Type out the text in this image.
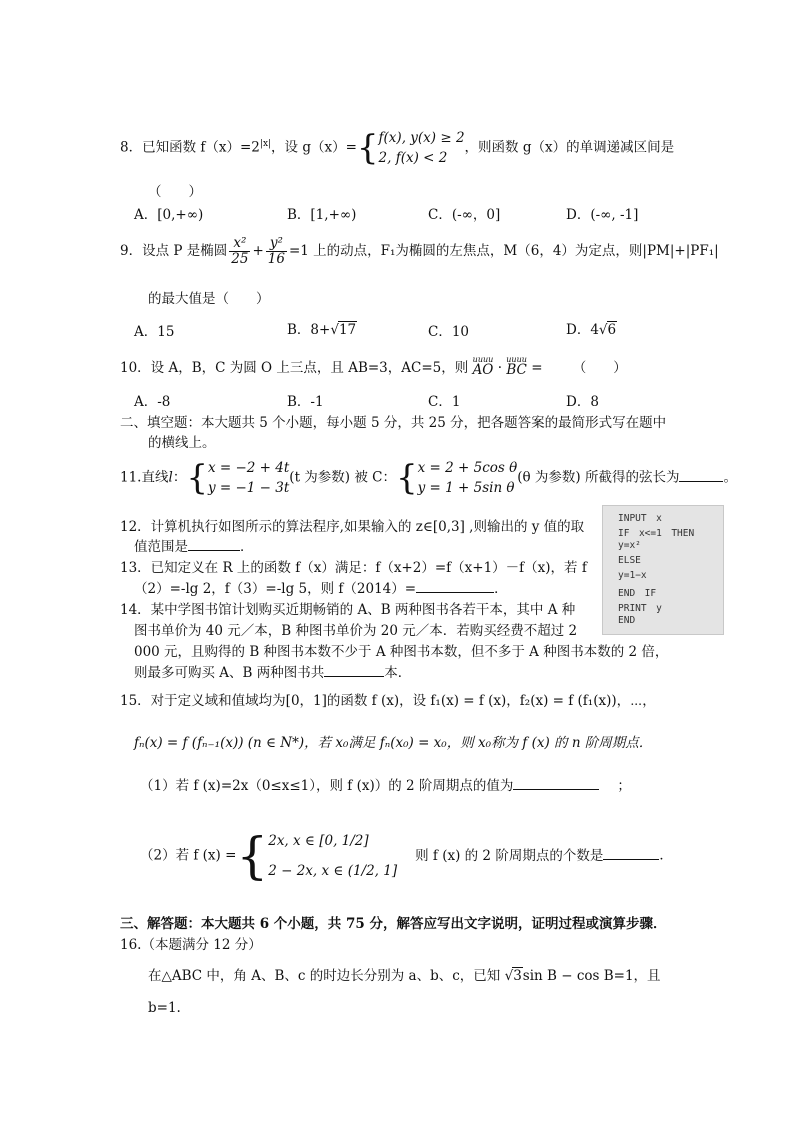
8．已知函数 $f(x)=2^{|x|}$，设 g（x）={ f(x), y(x) ≥ 2
2, f(x) < 2
，则函数 g（x）的单调递减区间是
（　　）
A．[0,+∞)	B．[1,+∞)	C．(-∞，0]	D．(-∞, -1]
9．设点 P 是椭圆 $\frac{\text{x²}}{25} + \frac{\text{y²}}{16} =1$ 上的动点，F₁为椭圆的左焦点，M（6，4）为定点，则|PM|+|PF₁|
的最大值是（　　）
A．15	B．8+√17	C．10	D．4√6
10．设 A，B，C 为圆 O 上三点，且 AB=3，AC=5，则
uuuu
AO ·
uuuu
BC = （　　）
A．-8	B．-1	C．1	D．8
二、填空题：本大题共 5 个小题，每小题 5 分，共 25 分，把各题答案的最简形式写在题中
的横线上。
11.直线l：{ x = −2 + 4t
y = −1 − 3t
(t 为参数) 被 C：{ x = 2 + 5cos θ
y = 1 + 5sin θ
(θ 为参数) 所截得的弦长为	。
12．计算机执行如图所示的算法程序,如果输入的 z∈[0,3] ,则输出的 y 值的取
值范围是	．
13．已知定义在 R 上的函数 f（x）满足：f（x+2）=f（x+1）－f（x)，若 f
（2）=-lg 2，f（3）=-lg 5，则 f（2014）=	．
14．某中学图书馆计划购买近期畅销的 A、B 两种图书各若干本，其中 A 种
图书单价为 40 元／本，B 种图书单价为 20 元／本．若购买经费不超过 2
000 元，且购得的 B 种图书本数不少于 A 种图书本数，但不多于 A 种图书本数的 2 倍，
则最多可购买 A、B 两种图书共	本．
INPUT　x
IF　x<=1　THEN
y=x²
ELSE
y=1−x
END　IF
PRINT　y
END
15．对于定义域和值域均为[0，1]的函数 f (x)，设 f₁(x) = f (x)，f₂(x) = f (f₁(x))，⋯，
fₙ(x) = f (fₙ₋₁(x)) (n ∈ N*)，若 x₀满足 fₙ(x₀) = x₀，则 x₀称为 f (x) 的 n 阶周期点．
（1）若 f (x)=2x（0≤x≤1），则 f (x)）的 2 阶周期点的值为	；
（2）若 f (x) ={ 2x, x ∈ [0, 1/2]
2 − 2x, x ∈ (1/2, 1]
则 f (x) 的 2 阶周期点的个数是	．
三、解答题：本大题共 6 个小题，共 75 分，解答应写出文字说明，证明过程或演算步骤．
16.（本题满分 12 分）
在△ABC 中，角 A、B、c 的时边长分别为 a、b、c，已知 √3sin B − cos B=1，且
b=1.
